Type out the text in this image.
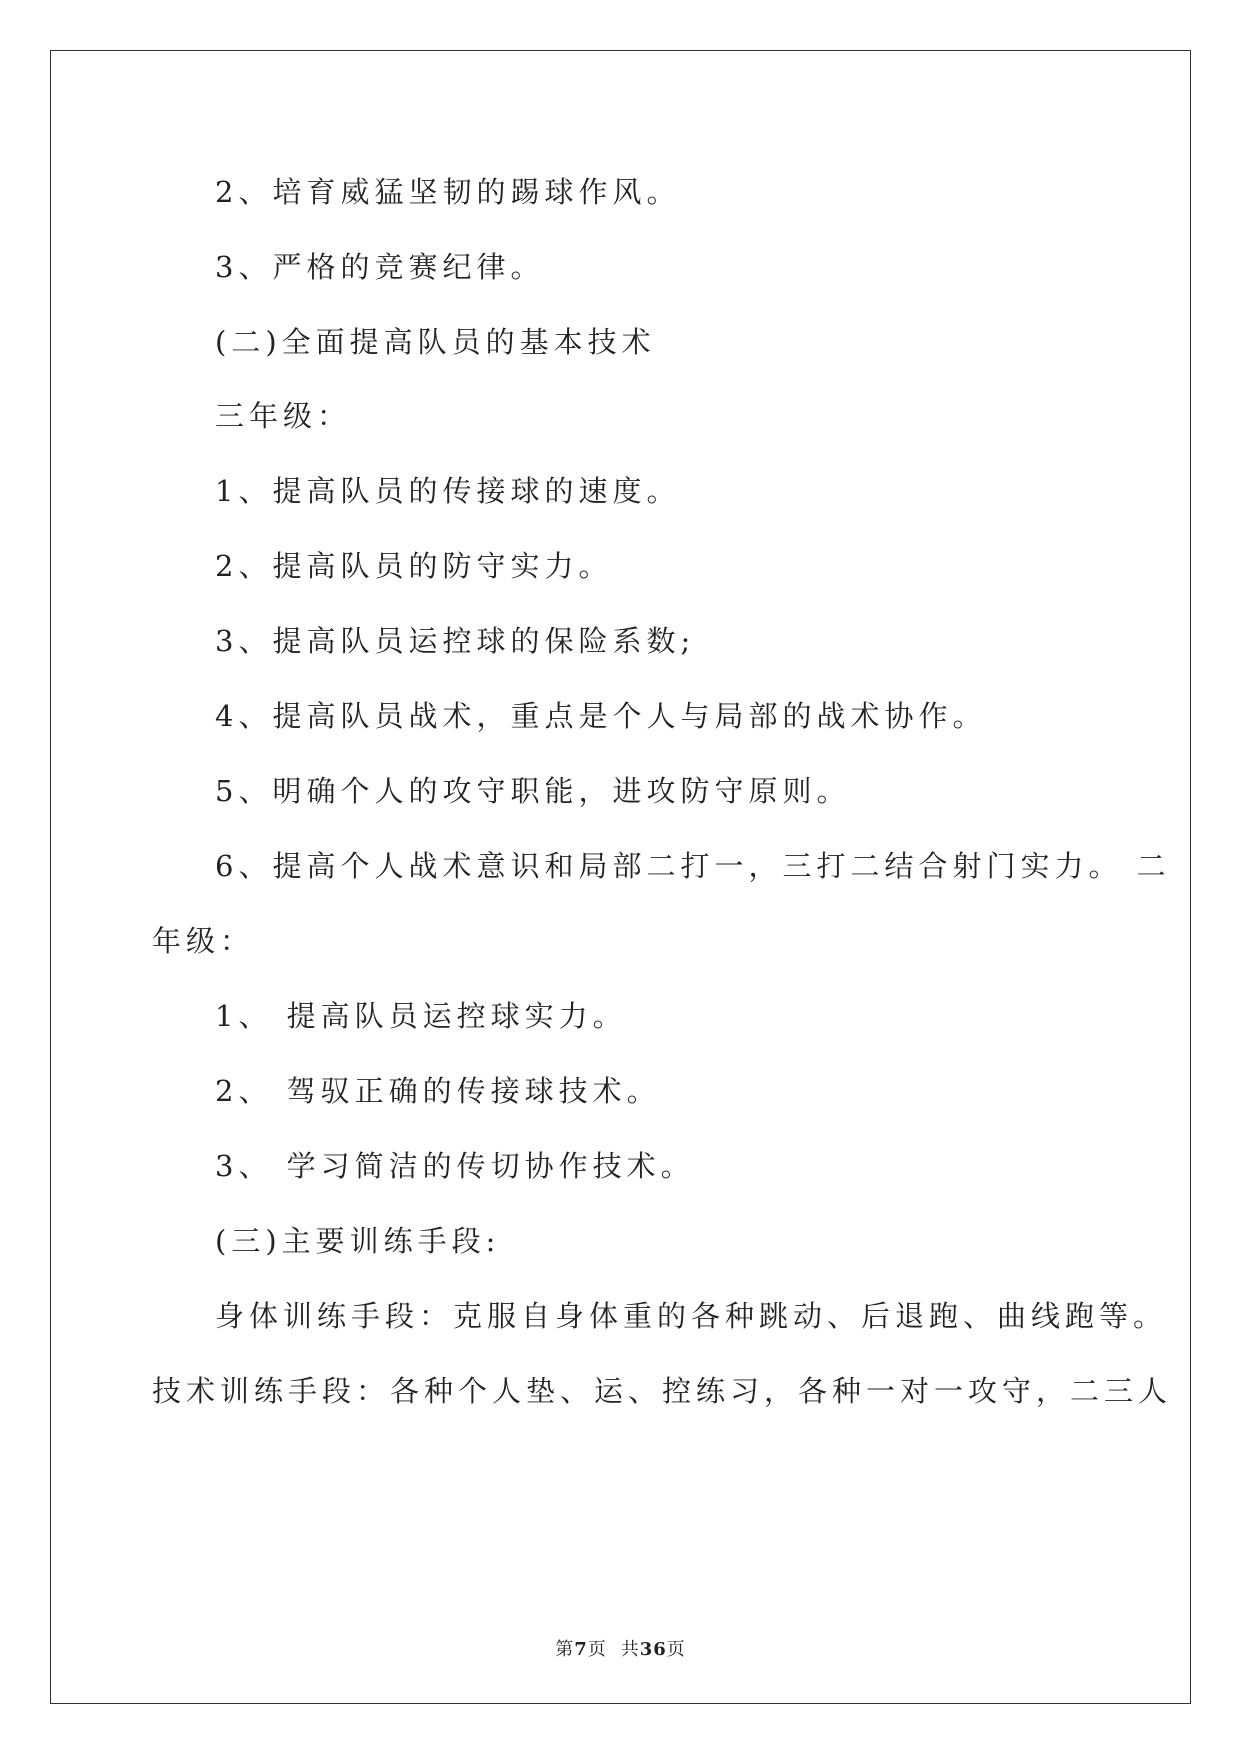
2、培育威猛坚韧的踢球作风。
3、严格的竞赛纪律。
(二)全面提高队员的基本技术
三年级：
1、提高队员的传接球的速度。
2、提高队员的防守实力。
3、提高队员运控球的保险系数;
4、提高队员战术，重点是个人与局部的战术协作。
5、明确个人的攻守职能，进攻防守原则。
6、提高个人战术意识和局部二打一，三打二结合射门实力。 二
年级：
1、 提高队员运控球实力。
2、 驾驭正确的传接球技术。
3、 学习简洁的传切协作技术。
(三)主要训练手段:
身体训练手段：克服自身体重的各种跳动、后退跑、曲线跑等。
技术训练手段：各种个人垫、运、控练习，各种一对一攻守，二三人
第7页 共36页
